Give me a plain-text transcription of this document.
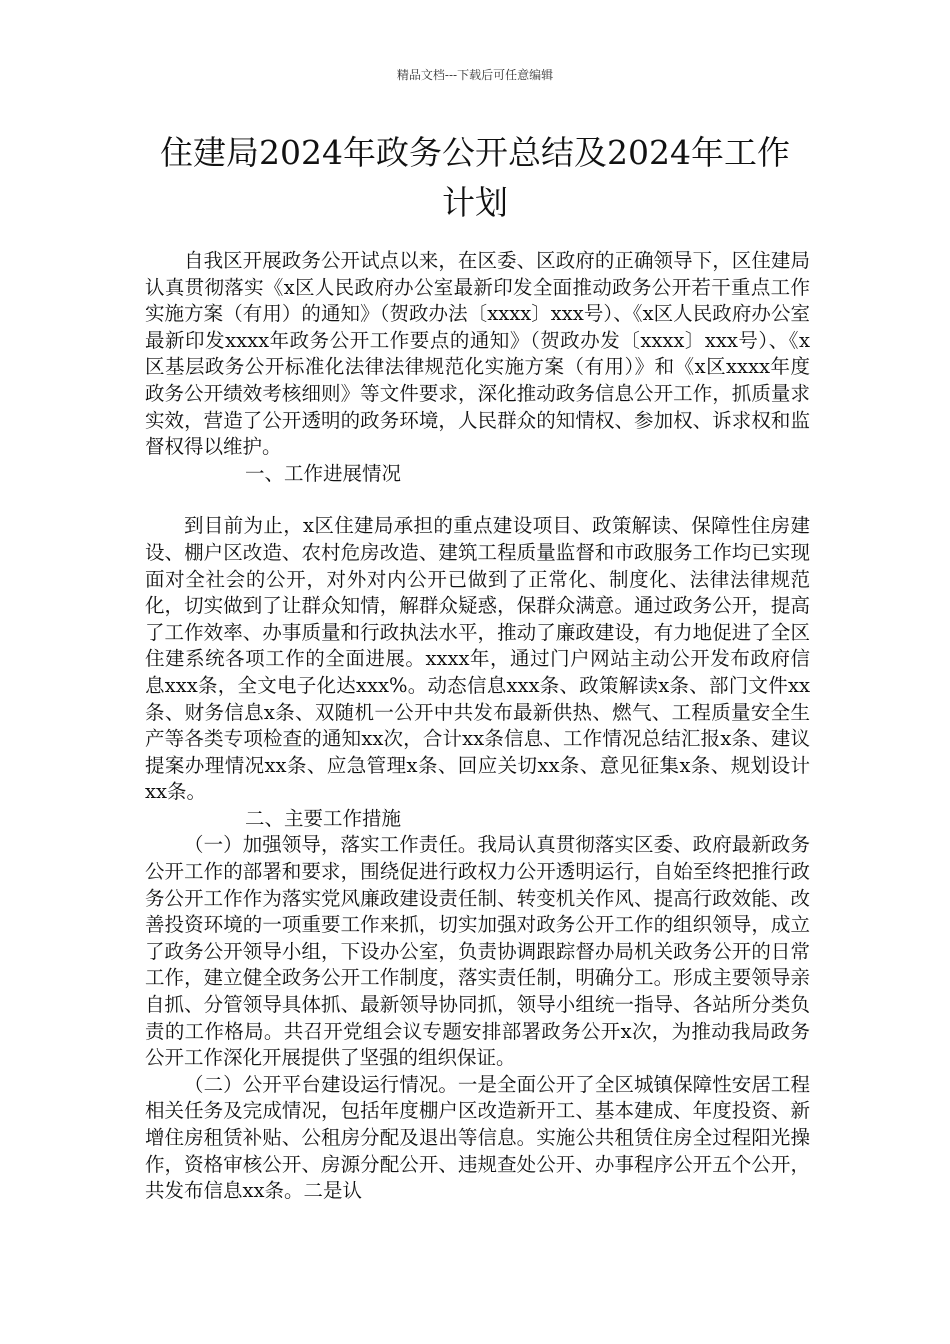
精品文档---下载后可任意编辑
住建局2024年政务公开总结及2024年工作
计划

自我区开展政务公开试点以来，在区委、区政府的正确领导下，区住建局认真贯彻落实《x区人民政府办公室最新印发全面推动政务公开若干重点工作实施方案（有用）的通知》（贺政办法〔xxxx〕xxx号）、《x区人民政府办公室最新印发xxxx年政务公开工作要点的通知》（贺政办发〔xxxx〕xxx号）、《x区基层政务公开标准化法律法律规范化实施方案（有用）》和《x区xxxx年度政务公开绩效考核细则》等文件要求，深化推动政务信息公开工作，抓质量求实效，营造了公开透明的政务环境，人民群众的知情权、参加权、诉求权和监督权得以维护。

一、工作进展情况

到目前为止，x区住建局承担的重点建设项目、政策解读、保障性住房建设、棚户区改造、农村危房改造、建筑工程质量监督和市政服务工作均已实现面对全社会的公开，对外对内公开已做到了正常化、制度化、法律法律规范化，切实做到了让群众知情，解群众疑惑，保群众满意。通过政务公开，提高了工作效率、办事质量和行政执法水平，推动了廉政建设，有力地促进了全区住建系统各项工作的全面进展。xxxx年，通过门户网站主动公开发布政府信息xxx条，全文电子化达xxx%。动态信息xxx条、政策解读x条、部门文件xx条、财务信息x条、双随机一公开中共发布最新供热、燃气、工程质量安全生产等各类专项检查的通知xx次，合计xx条信息、工作情况总结汇报x条、建议提案办理情况xx条、应急管理x条、回应关切xx条、意见征集x条、规划设计xx条。

二、主要工作措施

（一）加强领导，落实工作责任。我局认真贯彻落实区委、政府最新政务公开工作的部署和要求，围绕促进行政权力公开透明运行，自始至终把推行政务公开工作作为落实党风廉政建设责任制、转变机关作风、提高行政效能、改善投资环境的一项重要工作来抓，切实加强对政务公开工作的组织领导，成立了政务公开领导小组，下设办公室，负责协调跟踪督办局机关政务公开的日常工作，建立健全政务公开工作制度，落实责任制，明确分工。形成主要领导亲自抓、分管领导具体抓、最新领导协同抓，领导小组统一指导、各站所分类负责的工作格局。共召开党组会议专题安排部署政务公开x次，为推动我局政务公开工作深化开展提供了坚强的组织保证。

（二）公开平台建设运行情况。一是全面公开了全区城镇保障性安居工程相关任务及完成情况，包括年度棚户区改造新开工、基本建成、年度投资、新增住房租赁补贴、公租房分配及退出等信息。实施公共租赁住房全过程阳光操作，资格审核公开、房源分配公开、违规查处公开、办事程序公开五个公开，共发布信息xx条。二是认
